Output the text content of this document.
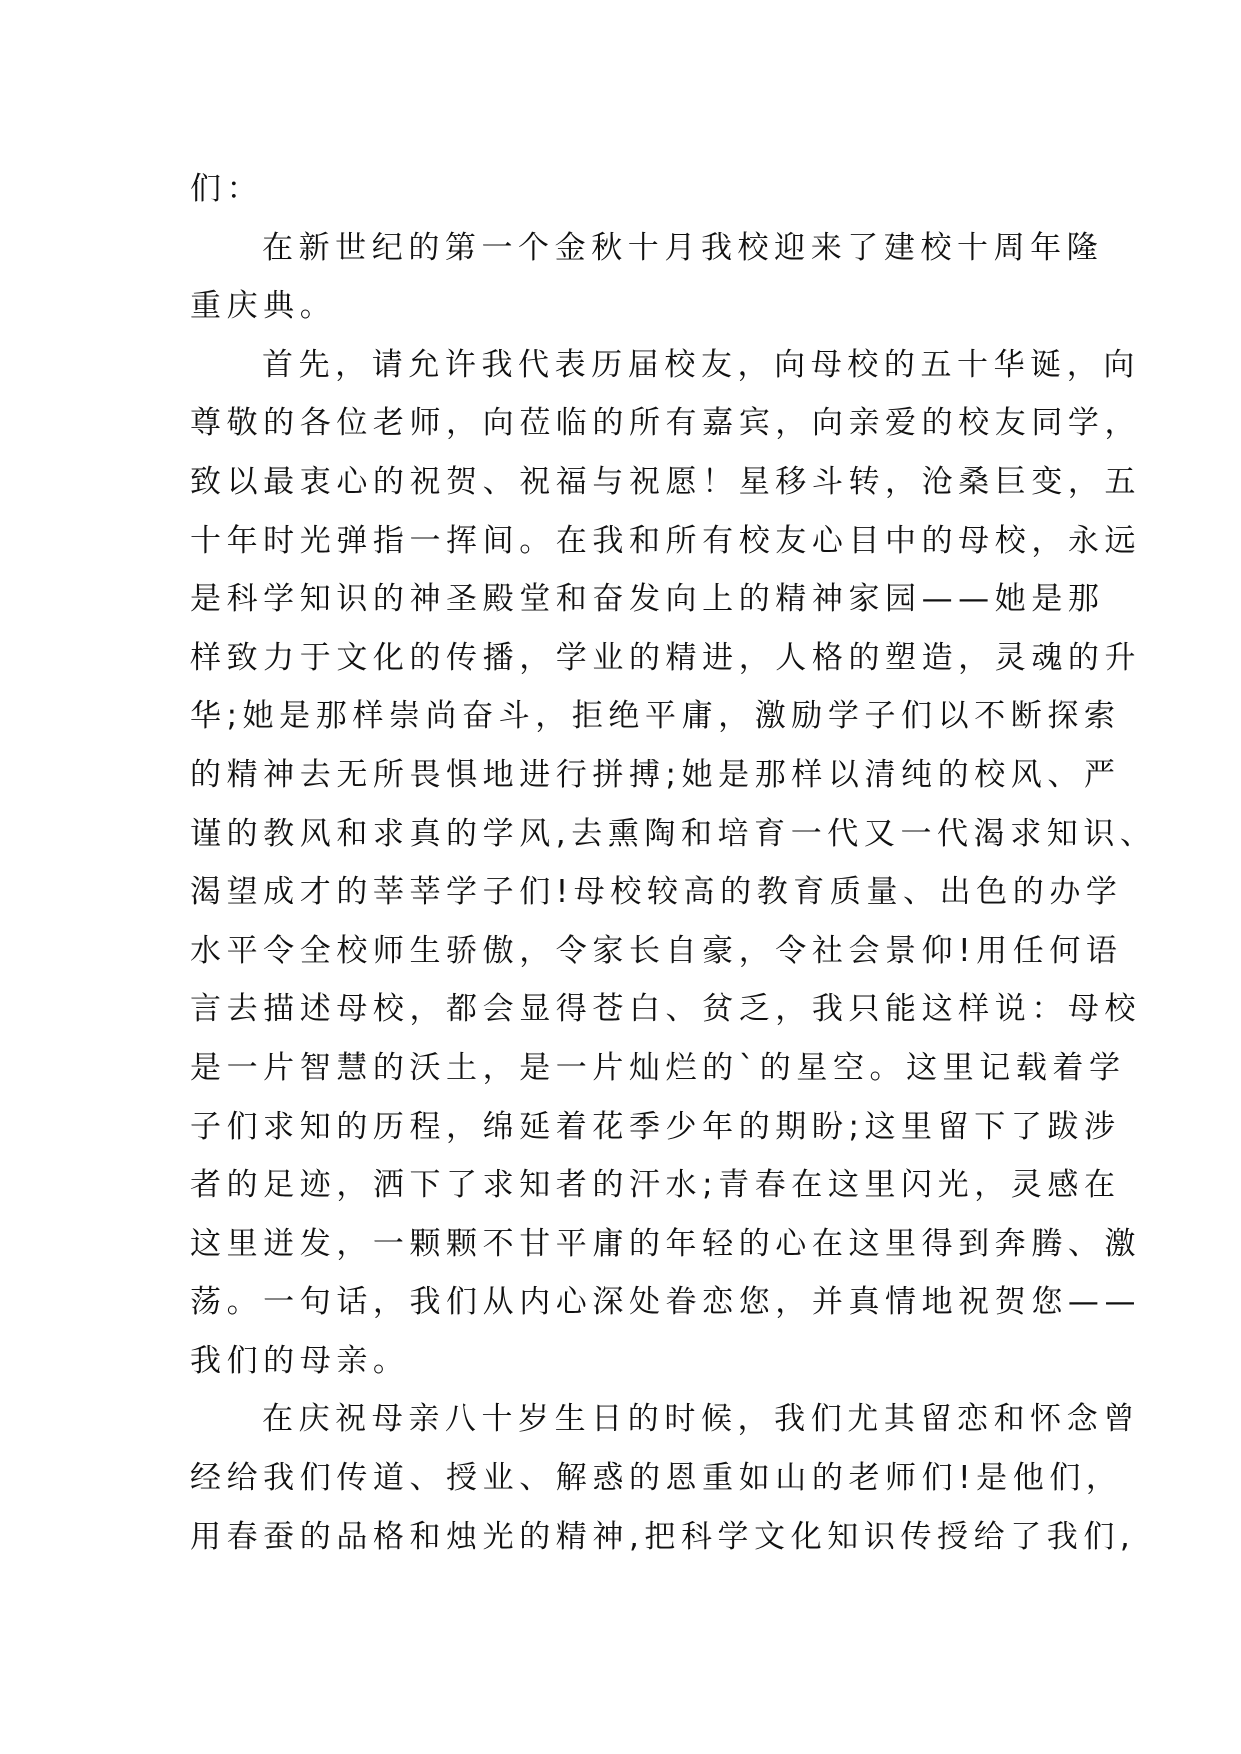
们：
在新世纪的第一个金秋十月我校迎来了建校十周年隆
重庆典。
首先，请允许我代表历届校友，向母校的五十华诞，向
尊敬的各位老师，向莅临的所有嘉宾，向亲爱的校友同学，
致以最衷心的祝贺、祝福与祝愿！星移斗转，沧桑巨变，五
十年时光弹指一挥间。在我和所有校友心目中的母校，永远
是科学知识的神圣殿堂和奋发向上的精神家园——她是那
样致力于文化的传播，学业的精进，人格的塑造，灵魂的升
华;她是那样崇尚奋斗，拒绝平庸，激励学子们以不断探索
的精神去无所畏惧地进行拼搏;她是那样以清纯的校风、严
谨的教风和求真的学风,去熏陶和培育一代又一代渴求知识、
渴望成才的莘莘学子们!母校较高的教育质量、出色的办学
水平令全校师生骄傲，令家长自豪，令社会景仰!用任何语
言去描述母校，都会显得苍白、贫乏，我只能这样说：母校
是一片智慧的沃土，是一片灿烂的`的星空。这里记载着学
子们求知的历程，绵延着花季少年的期盼;这里留下了跋涉
者的足迹，洒下了求知者的汗水;青春在这里闪光，灵感在
这里迸发，一颗颗不甘平庸的年轻的心在这里得到奔腾、激
荡。一句话，我们从内心深处眷恋您，并真情地祝贺您——
我们的母亲。
在庆祝母亲八十岁生日的时候，我们尤其留恋和怀念曾
经给我们传道、授业、解惑的恩重如山的老师们!是他们，
用春蚕的品格和烛光的精神,把科学文化知识传授给了我们,
